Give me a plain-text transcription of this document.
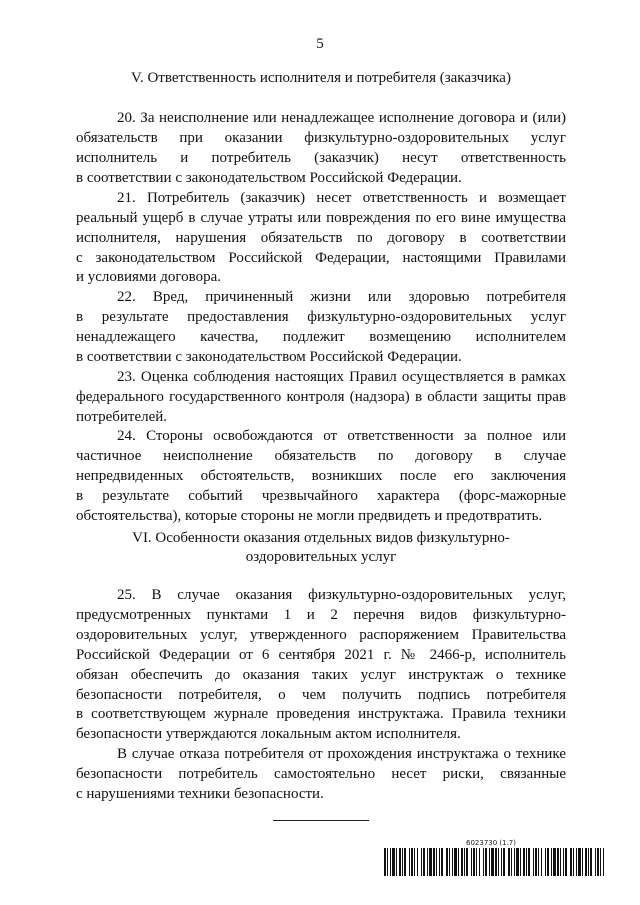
5
V. Ответственность исполнителя и потребителя (заказчика)
20. За неисполнение или ненадлежащее исполнение договора и (или)
обязательств при оказании физкультурно-оздоровительных услуг
исполнитель и потребитель (заказчик) несут ответственность
в соответствии с законодательством Российской Федерации.
21. Потребитель (заказчик) несет ответственность и возмещает
реальный ущерб в случае утраты или повреждения по его вине имущества
исполнителя, нарушения обязательств по договору в соответствии
с законодательством Российской Федерации, настоящими Правилами
и условиями договора.
22. Вред, причиненный жизни или здоровью потребителя
в результате предоставления физкультурно-оздоровительных услуг
ненадлежащего качества, подлежит возмещению исполнителем
в соответствии с законодательством Российской Федерации.
23. Оценка соблюдения настоящих Правил осуществляется в рамках
федерального государственного контроля (надзора) в области защиты прав
потребителей.
24. Стороны освобождаются от ответственности за полное или
частичное неисполнение обязательств по договору в случае
непредвиденных обстоятельств, возникших после его заключения
в результате событий чрезвычайного характера (форс-мажорные
обстоятельства), которые стороны не могли предвидеть и предотвратить.
VI. Особенности оказания отдельных видов физкультурно-
оздоровительных услуг
25. В случае оказания физкультурно-оздоровительных услуг,
предусмотренных пунктами 1 и 2 перечня видов физкультурно-
оздоровительных услуг, утвержденного распоряжением Правительства
Российской Федерации от 6 сентября 2021 г. № 2466-р, исполнитель
обязан обеспечить до оказания таких услуг инструктаж о технике
безопасности потребителя, о чем получить подпись потребителя
в соответствующем журнале проведения инструктажа. Правила техники
безопасности утверждаются локальным актом исполнителя.
В случае отказа потребителя от прохождения инструктажа о технике
безопасности потребитель самостоятельно несет риски, связанные
с нарушениями техники безопасности.
6023730 (1.7)
